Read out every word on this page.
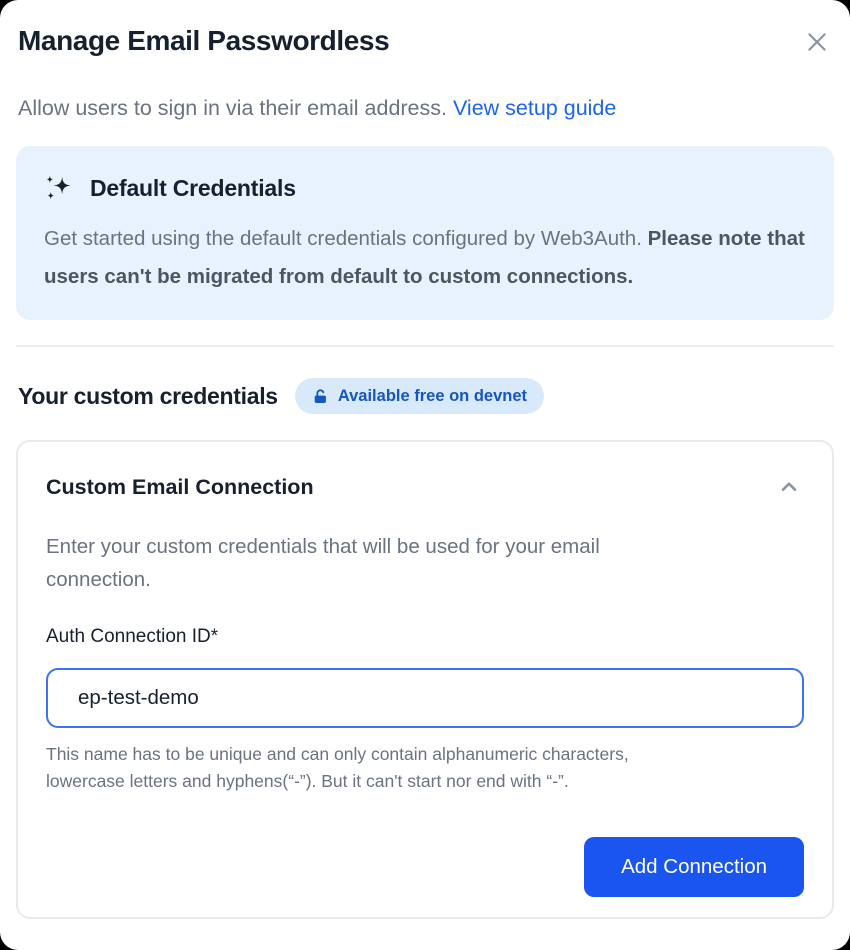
Manage Email Passwordless

Allow users to sign in via their email address. View setup guide

Default Credentials

Get started using the default credentials configured by Web3Auth. Please note that users can't be migrated from default to custom connections.

Your custom credentials	Available free on devnet
Custom Email Connection

Enter your custom credentials that will be used for your email connection.

Auth Connection ID*
ep-test-demo

This name has to be unique and can only contain alphanumeric characters, lowercase letters and hyphens(“-”). But it can't start nor end with “-”.

Add Connection
